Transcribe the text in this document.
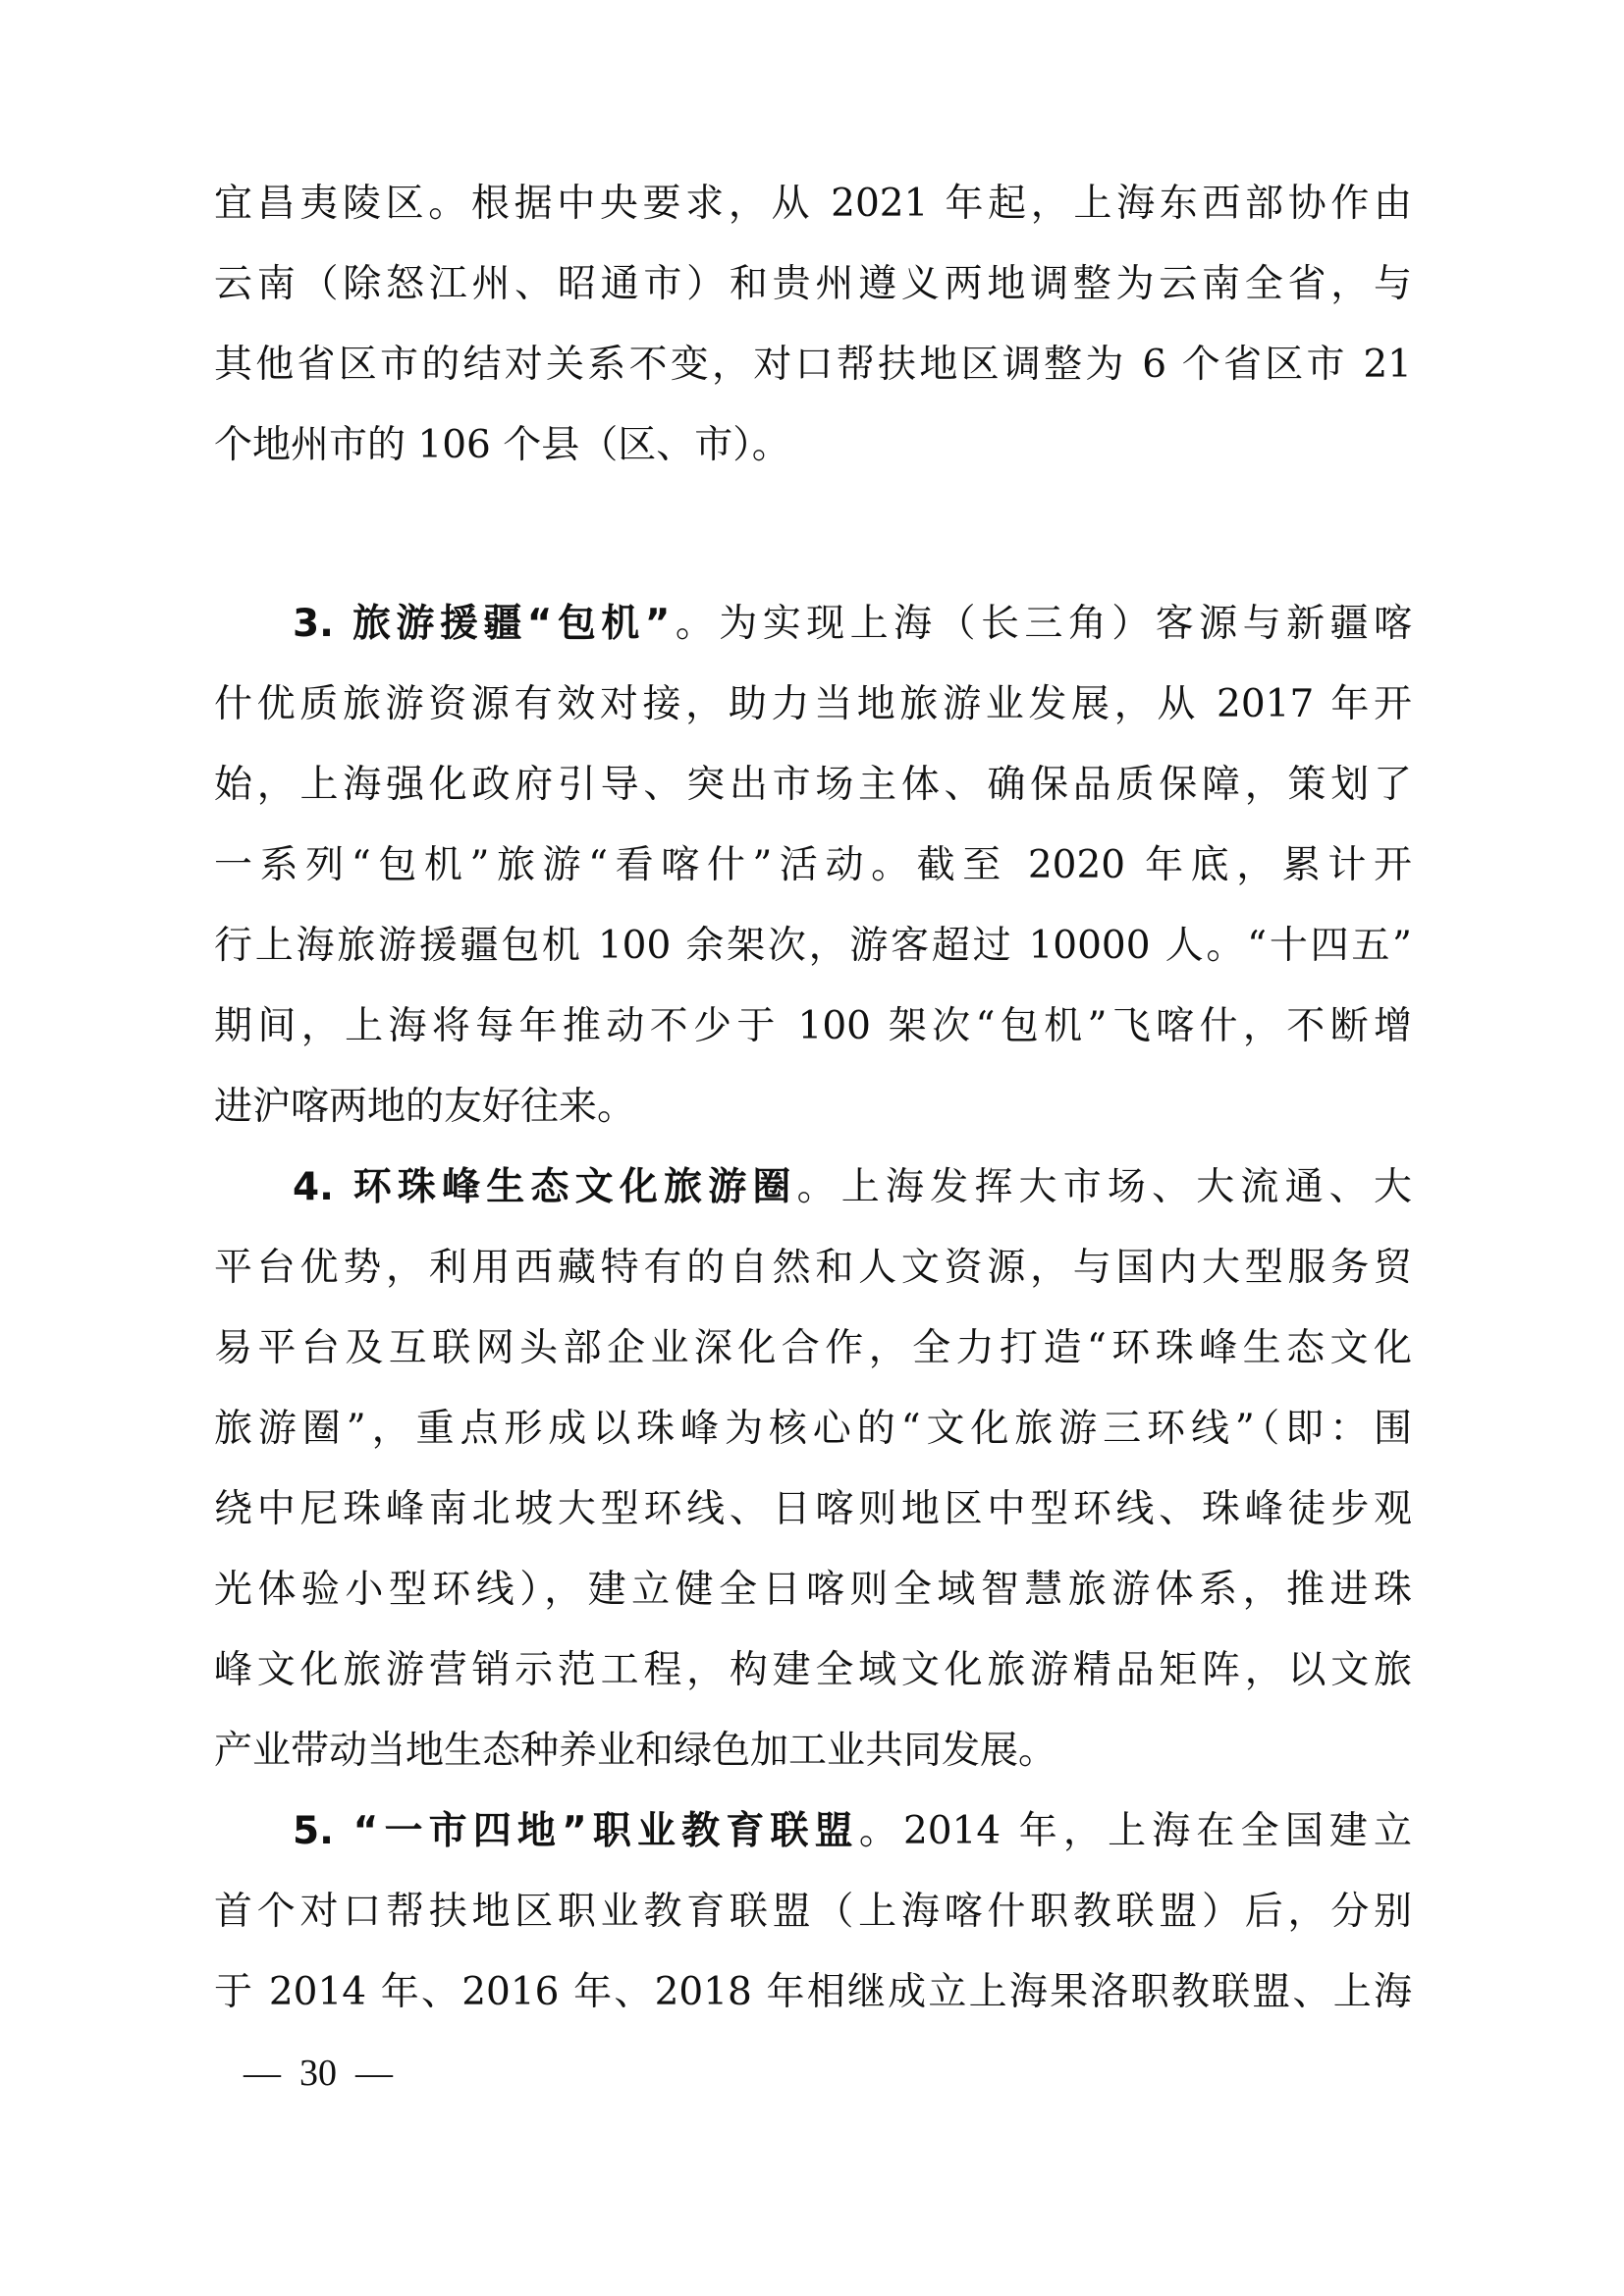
宜昌夷陵区。根据中央要求，从 2021 年起，上海东西部协作由
云南（除怒江州、昭通市）和贵州遵义两地调整为云南全省，与
其他省区市的结对关系不变，对口帮扶地区调整为 6 个省区市 21
个地州市的 106 个县（区、市）。
3. 旅游援疆“包机”。为实现上海（长三角）客源与新疆喀
什优质旅游资源有效对接，助力当地旅游业发展，从 2017 年开
始，上海强化政府引导、突出市场主体、确保品质保障，策划了
一系列“包机”旅游“看喀什”活动。截至 2020 年底，累计开
行上海旅游援疆包机 100 余架次，游客超过 10000 人。“十四五”
期间，上海将每年推动不少于 100 架次“包机”飞喀什，不断增
进沪喀两地的友好往来。
4. 环珠峰生态文化旅游圈。上海发挥大市场、大流通、大
平台优势，利用西藏特有的自然和人文资源，与国内大型服务贸
易平台及互联网头部企业深化合作，全力打造“环珠峰生态文化
旅游圈”，重点形成以珠峰为核心的“文化旅游三环线”（即：围
绕中尼珠峰南北坡大型环线、日喀则地区中型环线、珠峰徒步观
光体验小型环线），建立健全日喀则全域智慧旅游体系，推进珠
峰文化旅游营销示范工程，构建全域文化旅游精品矩阵，以文旅
产业带动当地生态种养业和绿色加工业共同发展。
5. “一市四地”职业教育联盟。2014 年，上海在全国建立
首个对口帮扶地区职业教育联盟（上海喀什职教联盟）后，分别
于 2014 年、2016 年、2018 年相继成立上海果洛职教联盟、上海
—  30  —
